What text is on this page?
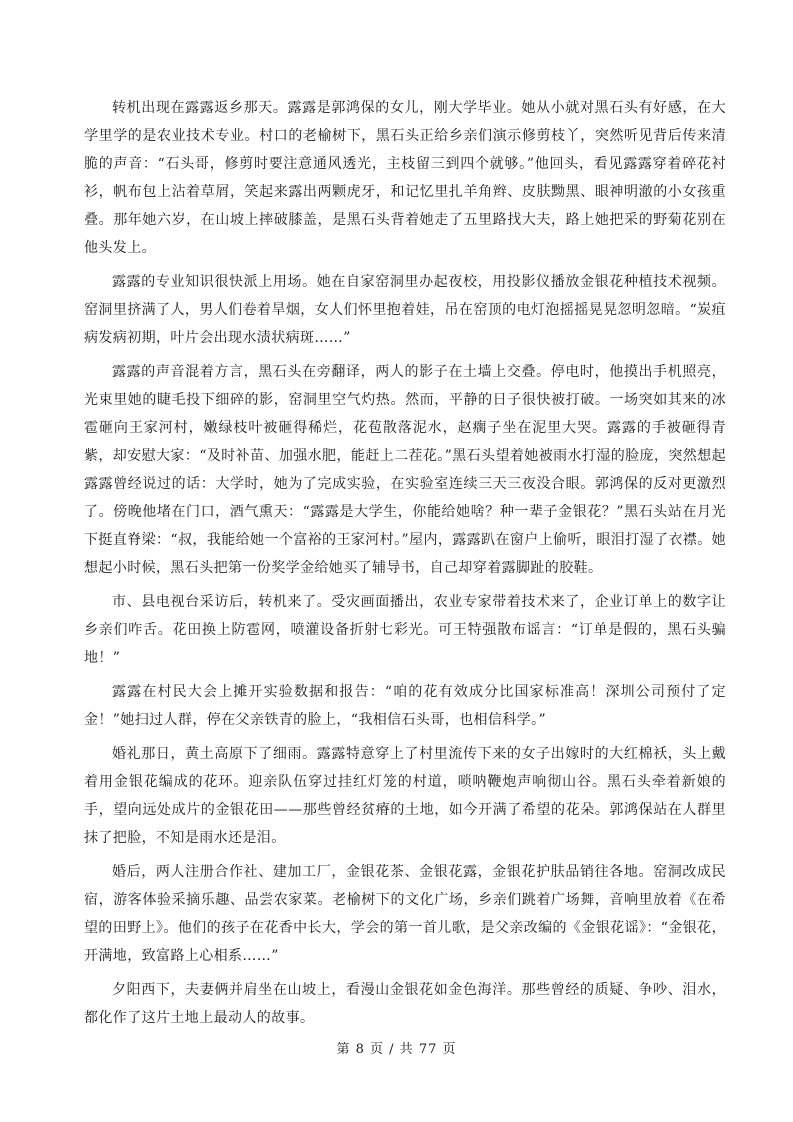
转机出现在露露返乡那天。露露是郭鸿保的女儿，刚大学毕业。她从小就对黑石头有好感，在大学里学的是农业技术专业。村口的老榆树下，黑石头正给乡亲们演示修剪枝丫，突然听见背后传来清脆的声音：“石头哥，修剪时要注意通风透光，主枝留三到四个就够。”他回头，看见露露穿着碎花衬衫，帆布包上沾着草屑，笑起来露出两颗虎牙，和记忆里扎羊角辫、皮肤黝黑、眼神明澈的小女孩重叠。那年她六岁，在山坡上摔破膝盖，是黑石头背着她走了五里路找大夫，路上她把采的野菊花别在他头发上。

露露的专业知识很快派上用场。她在自家窑洞里办起夜校，用投影仪播放金银花种植技术视频。窑洞里挤满了人，男人们卷着旱烟，女人们怀里抱着娃，吊在窑顶的电灯泡摇摇晃晃忽明忽暗。“炭疽病发病初期，叶片会出现水渍状病斑……”

露露的声音混着方言，黑石头在旁翻译，两人的影子在土墙上交叠。停电时，他摸出手机照亮，光束里她的睫毛投下细碎的影，窑洞里空气灼热。然而，平静的日子很快被打破。一场突如其来的冰雹砸向王家河村，嫩绿枝叶被砸得稀烂，花苞散落泥水，赵瘸子坐在泥里大哭。露露的手被砸得青紫，却安慰大家：“及时补苗、加强水肥，能赶上二茬花。”黑石头望着她被雨水打湿的脸庞，突然想起露露曾经说过的话：大学时，她为了完成实验，在实验室连续三天三夜没合眼。郭鸿保的反对更激烈了。傍晚他堵在门口，酒气熏天：“露露是大学生，你能给她啥？种一辈子金银花？”黑石头站在月光下挺直脊梁：“叔，我能给她一个富裕的王家河村。”屋内，露露趴在窗户上偷听，眼泪打湿了衣襟。她想起小时候，黑石头把第一份奖学金给她买了辅导书，自己却穿着露脚趾的胶鞋。

市、县电视台采访后，转机来了。受灾画面播出，农业专家带着技术来了，企业订单上的数字让乡亲们咋舌。花田换上防雹网，喷灌设备折射七彩光。可王特强散布谣言：“订单是假的，黑石头骗地！”

露露在村民大会上摊开实验数据和报告：“咱的花有效成分比国家标准高！深圳公司预付了定金！”她扫过人群，停在父亲铁青的脸上，“我相信石头哥，也相信科学。”

婚礼那日，黄土高原下了细雨。露露特意穿上了村里流传下来的女子出嫁时的大红棉袄，头上戴着用金银花编成的花环。迎亲队伍穿过挂红灯笼的村道，唢呐鞭炮声响彻山谷。黑石头牵着新娘的手，望向远处成片的金银花田——那些曾经贫瘠的土地，如今开满了希望的花朵。郭鸿保站在人群里抹了把脸，不知是雨水还是泪。

婚后，两人注册合作社、建加工厂，金银花茶、金银花露，金银花护肤品销往各地。窑洞改成民宿，游客体验采摘乐趣、品尝农家菜。老榆树下的文化广场，乡亲们跳着广场舞，音响里放着《在希望的田野上》。他们的孩子在花香中长大，学会的第一首儿歌，是父亲改编的《金银花谣》：“金银花，开满地，致富路上心相系……”

夕阳西下，夫妻俩并肩坐在山坡上，看漫山金银花如金色海洋。那些曾经的质疑、争吵、泪水，都化作了这片土地上最动人的故事。

第 8 页 / 共 77 页
